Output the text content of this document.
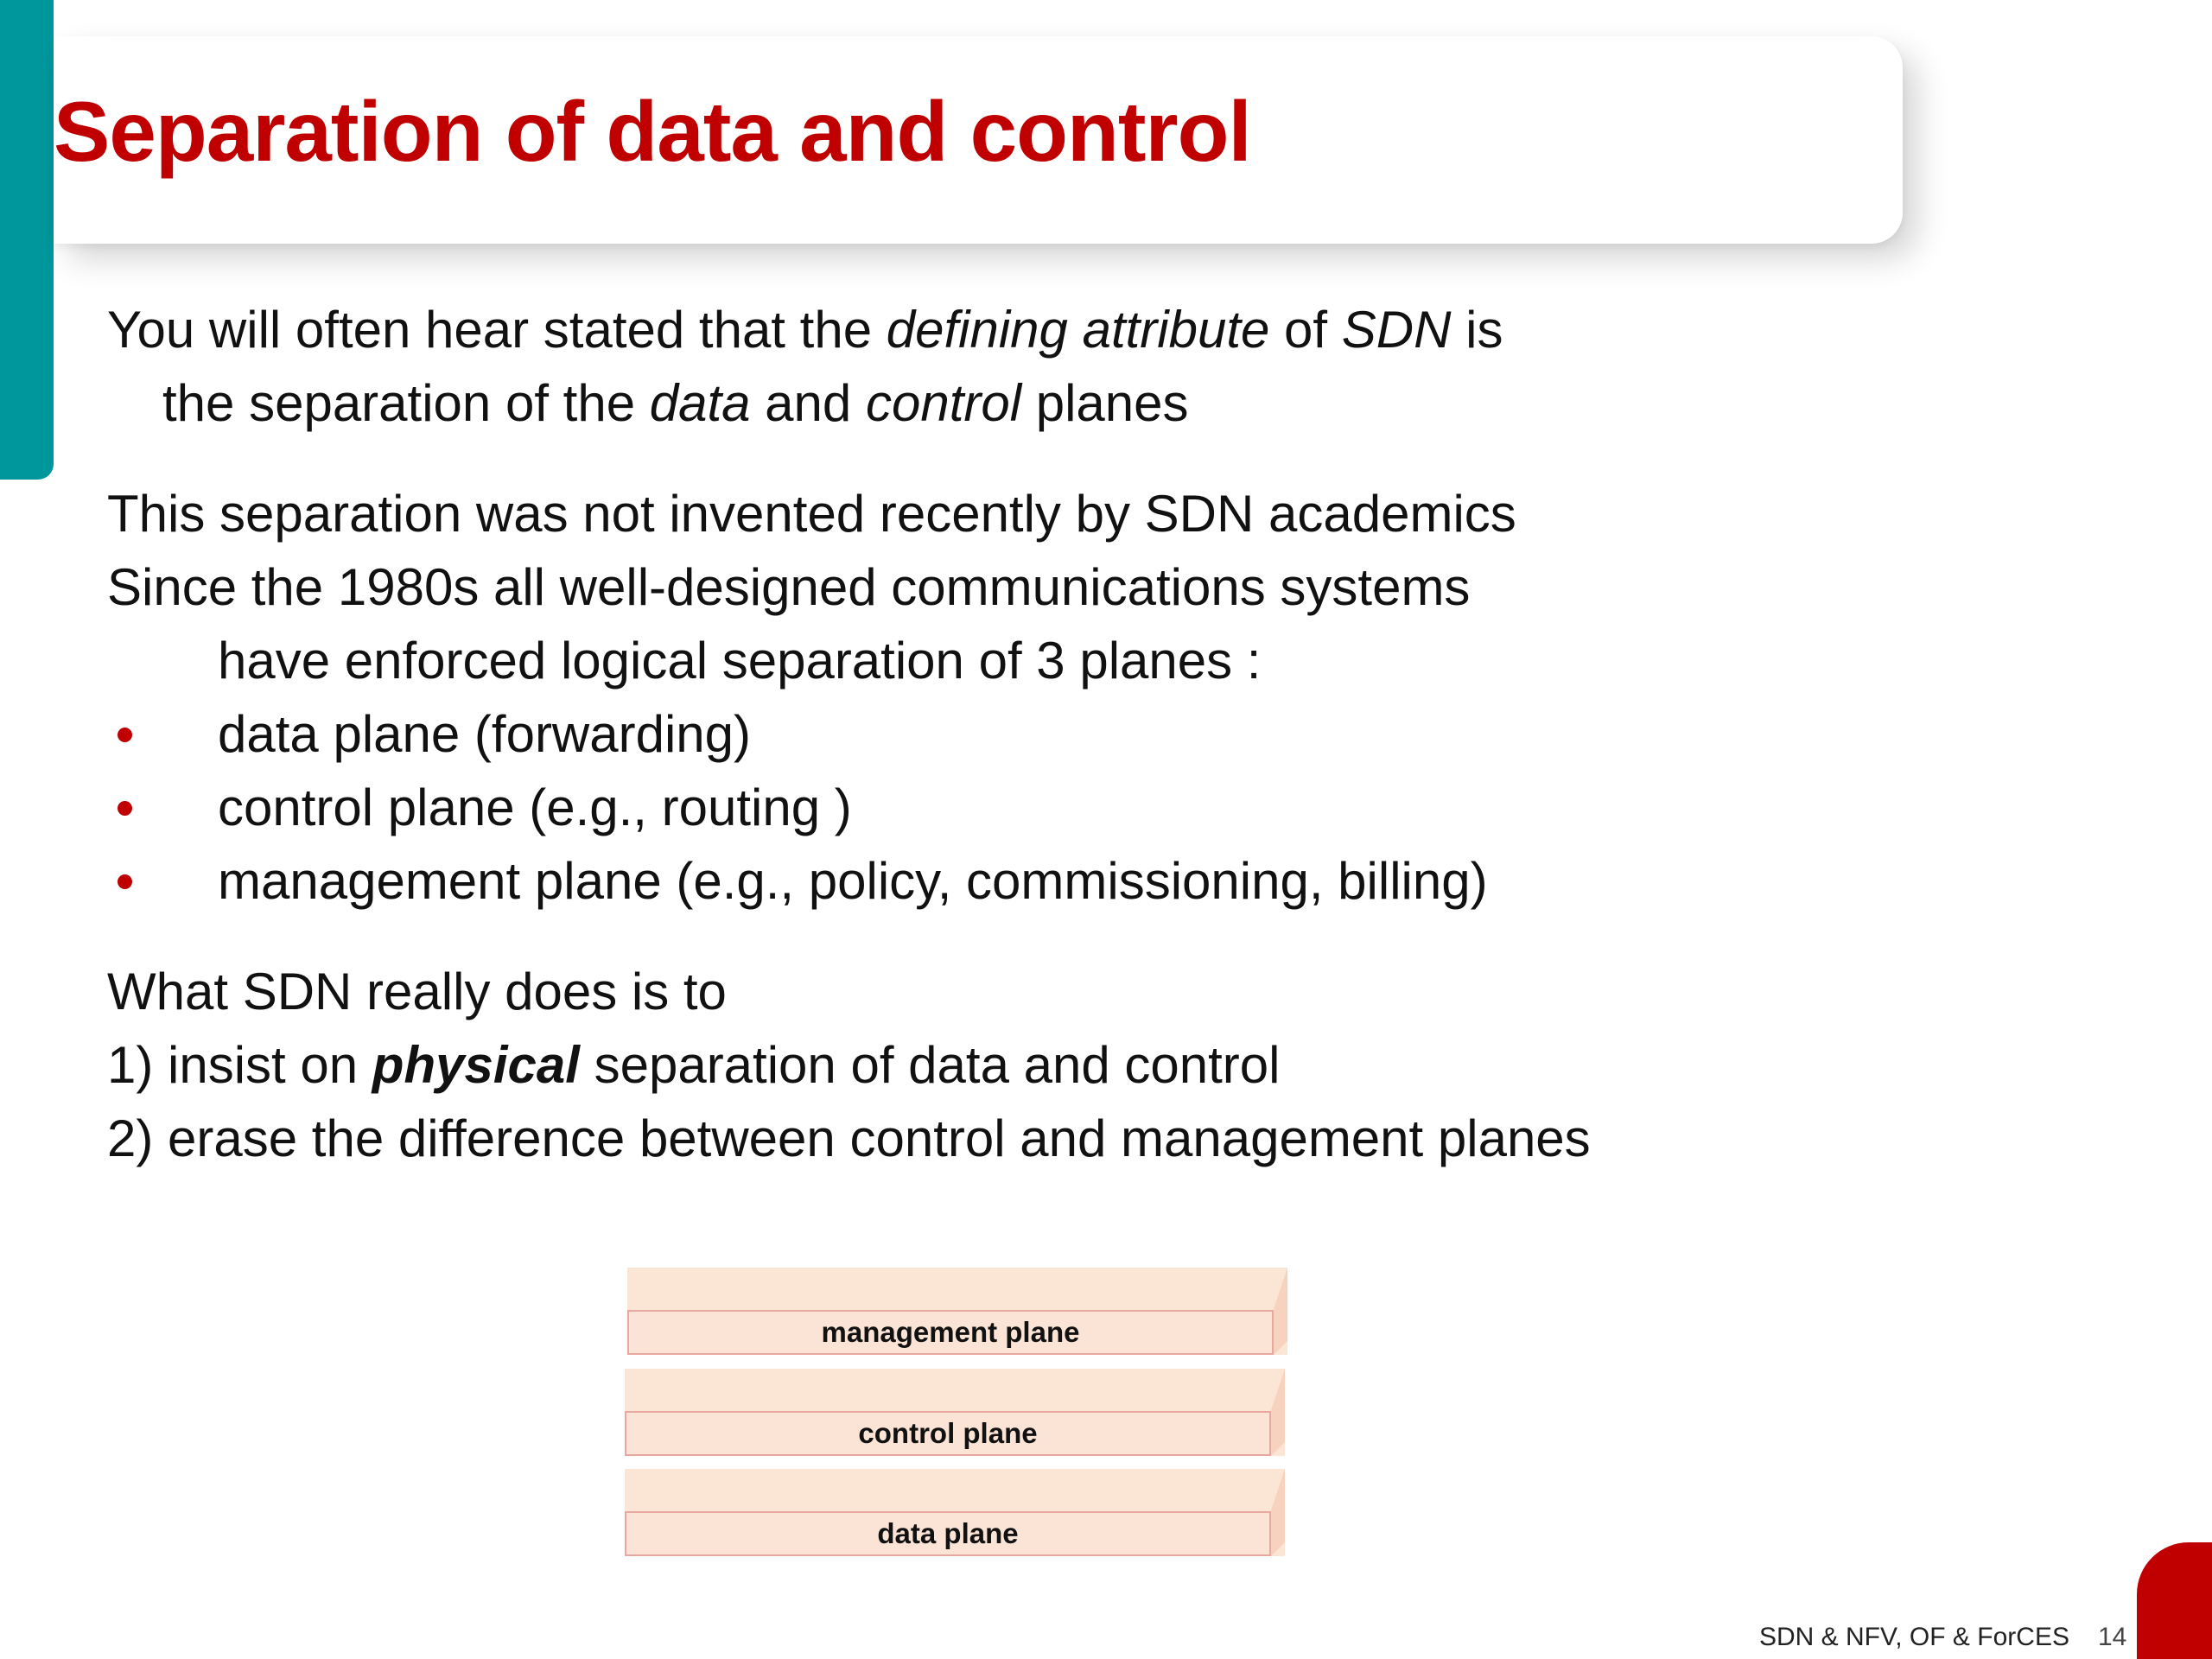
Separation of data and control
You will often hear stated that the defining attribute of SDN is
the separation of the data and control planes
This separation was not invented recently by SDN academics
Since the 1980s all well-designed communications systems
have enforced logical separation of 3 planes :
data plane (forwarding)
control plane (e.g., routing )
management plane (e.g., policy, commissioning, billing)
What SDN really does is to
1) insist on physical separation of data and control
2) erase the difference between control and management planes
management plane
control plane
data plane
SDN & NFV, OF & ForCES 14
